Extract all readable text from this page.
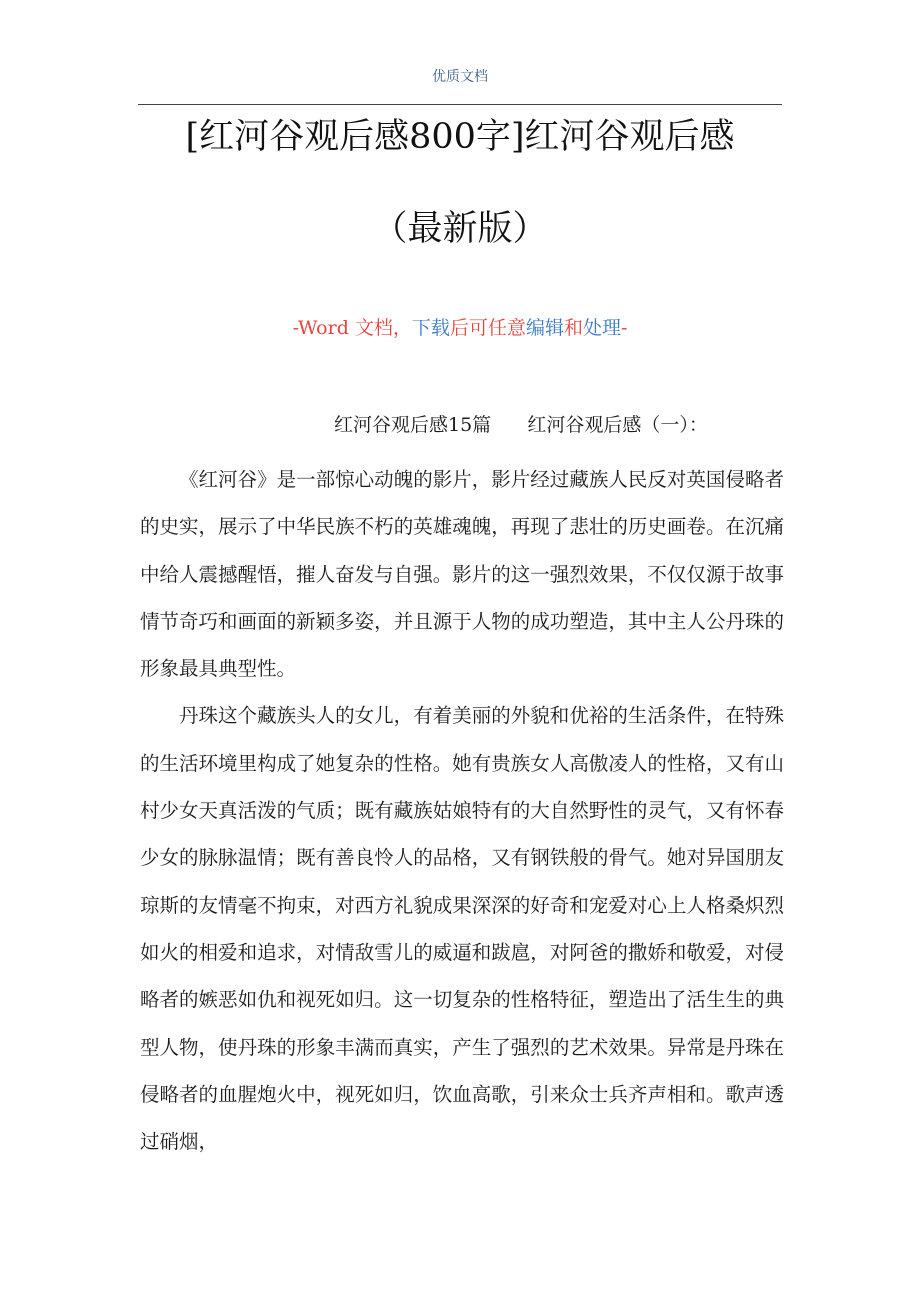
优质文档
[红河谷观后感800字]红河谷观后感
（最新版）
-Word 文档，下载后可任意编辑和处理-
红河谷观后感15篇      红河谷观后感（一）：

《红河谷》是一部惊心动魄的影片，影片经过藏族人民反对英国侵略者的史实，展示了中华民族不朽的英雄魂魄，再现了悲壮的历史画卷。在沉痛中给人震撼醒悟，摧人奋发与自强。影片的这一强烈效果，不仅仅源于故事情节奇巧和画面的新颖多姿，并且源于人物的成功塑造，其中主人公丹珠的形象最具典型性。

丹珠这个藏族头人的女儿，有着美丽的外貌和优裕的生活条件，在特殊的生活环境里构成了她复杂的性格。她有贵族女人高傲凌人的性格，又有山村少女天真活泼的气质；既有藏族姑娘特有的大自然野性的灵气，又有怀春少女的脉脉温情；既有善良怜人的品格，又有钢铁般的骨气。她对异国朋友琼斯的友情毫不拘束，对西方礼貌成果深深的好奇和宠爱对心上人格桑炽烈如火的相爱和追求，对情敌雪儿的威逼和跋扈，对阿爸的撒娇和敬爱，对侵略者的嫉恶如仇和视死如归。这一切复杂的性格特征，塑造出了活生生的典型人物，使丹珠的形象丰满而真实，产生了强烈的艺术效果。异常是丹珠在侵略者的血腥炮火中，视死如归，饮血高歌，引来众士兵齐声相和。歌声透过硝烟，
